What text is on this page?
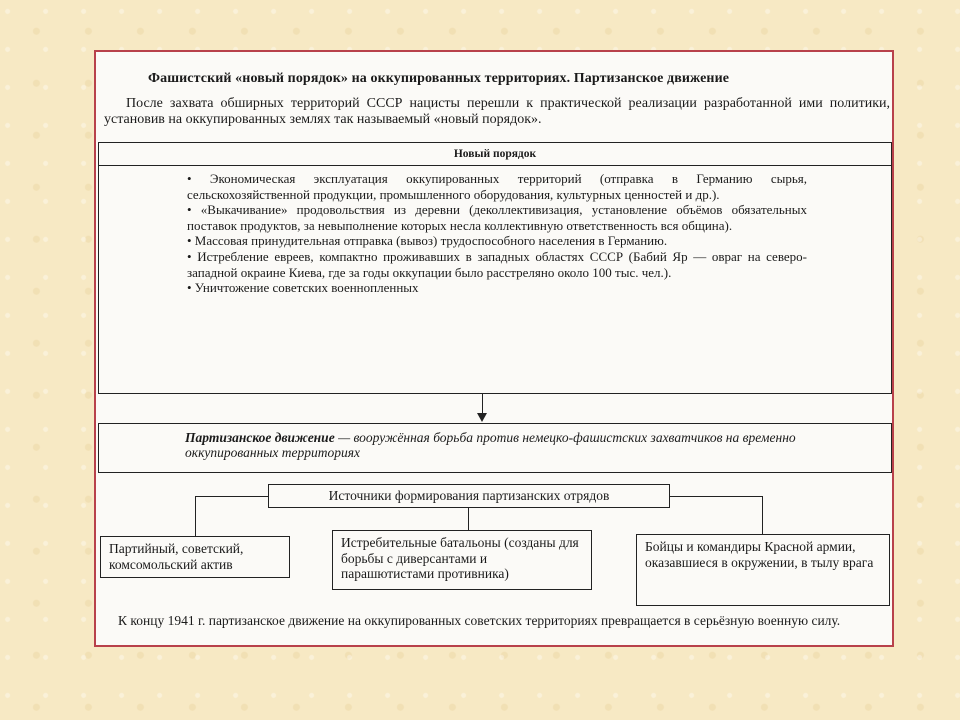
Фашистский «новый порядок» на оккупированных территориях. Партизанское движение
После захвата обширных территорий СССР нацисты перешли к практической реализации разработанной ими политики, установив на оккупированных землях так называемый «новый порядок».
Новый порядок

• Экономическая эксплуатация оккупированных территорий (отправка в Германию сырья, сельскохозяйственной продукции, промышленного оборудования, культурных ценностей и др.).

• «Выкачивание» продовольствия из деревни (деколлективизация, установление объёмов обязательных поставок продуктов, за невыполнение которых несла коллективную ответственность вся община).

• Массовая принудительная отправка (вывоз) трудоспособного населения в Германию.

• Истребление евреев, компактно проживавших в западных областях СССР (Бабий Яр — овраг на северо-западной окраине Киева, где за годы оккупации было расстреляно около 100 тыс. чел.).

• Уничтожение советских военнопленных

Партизанское движение — вооружённая борьба против немецко-фашистских захватчиков на временно оккупированных территориях
Источники формирования партизанских отрядов
Партийный, советский, комсомольский актив
Истребительные батальоны (созданы для борьбы с диверсантами и парашютистами противника)
Бойцы и командиры Красной армии, оказавшиеся в окружении, в тылу врага
К концу 1941 г. партизанское движение на оккупированных советских территориях превращается в серьёзную военную силу.
